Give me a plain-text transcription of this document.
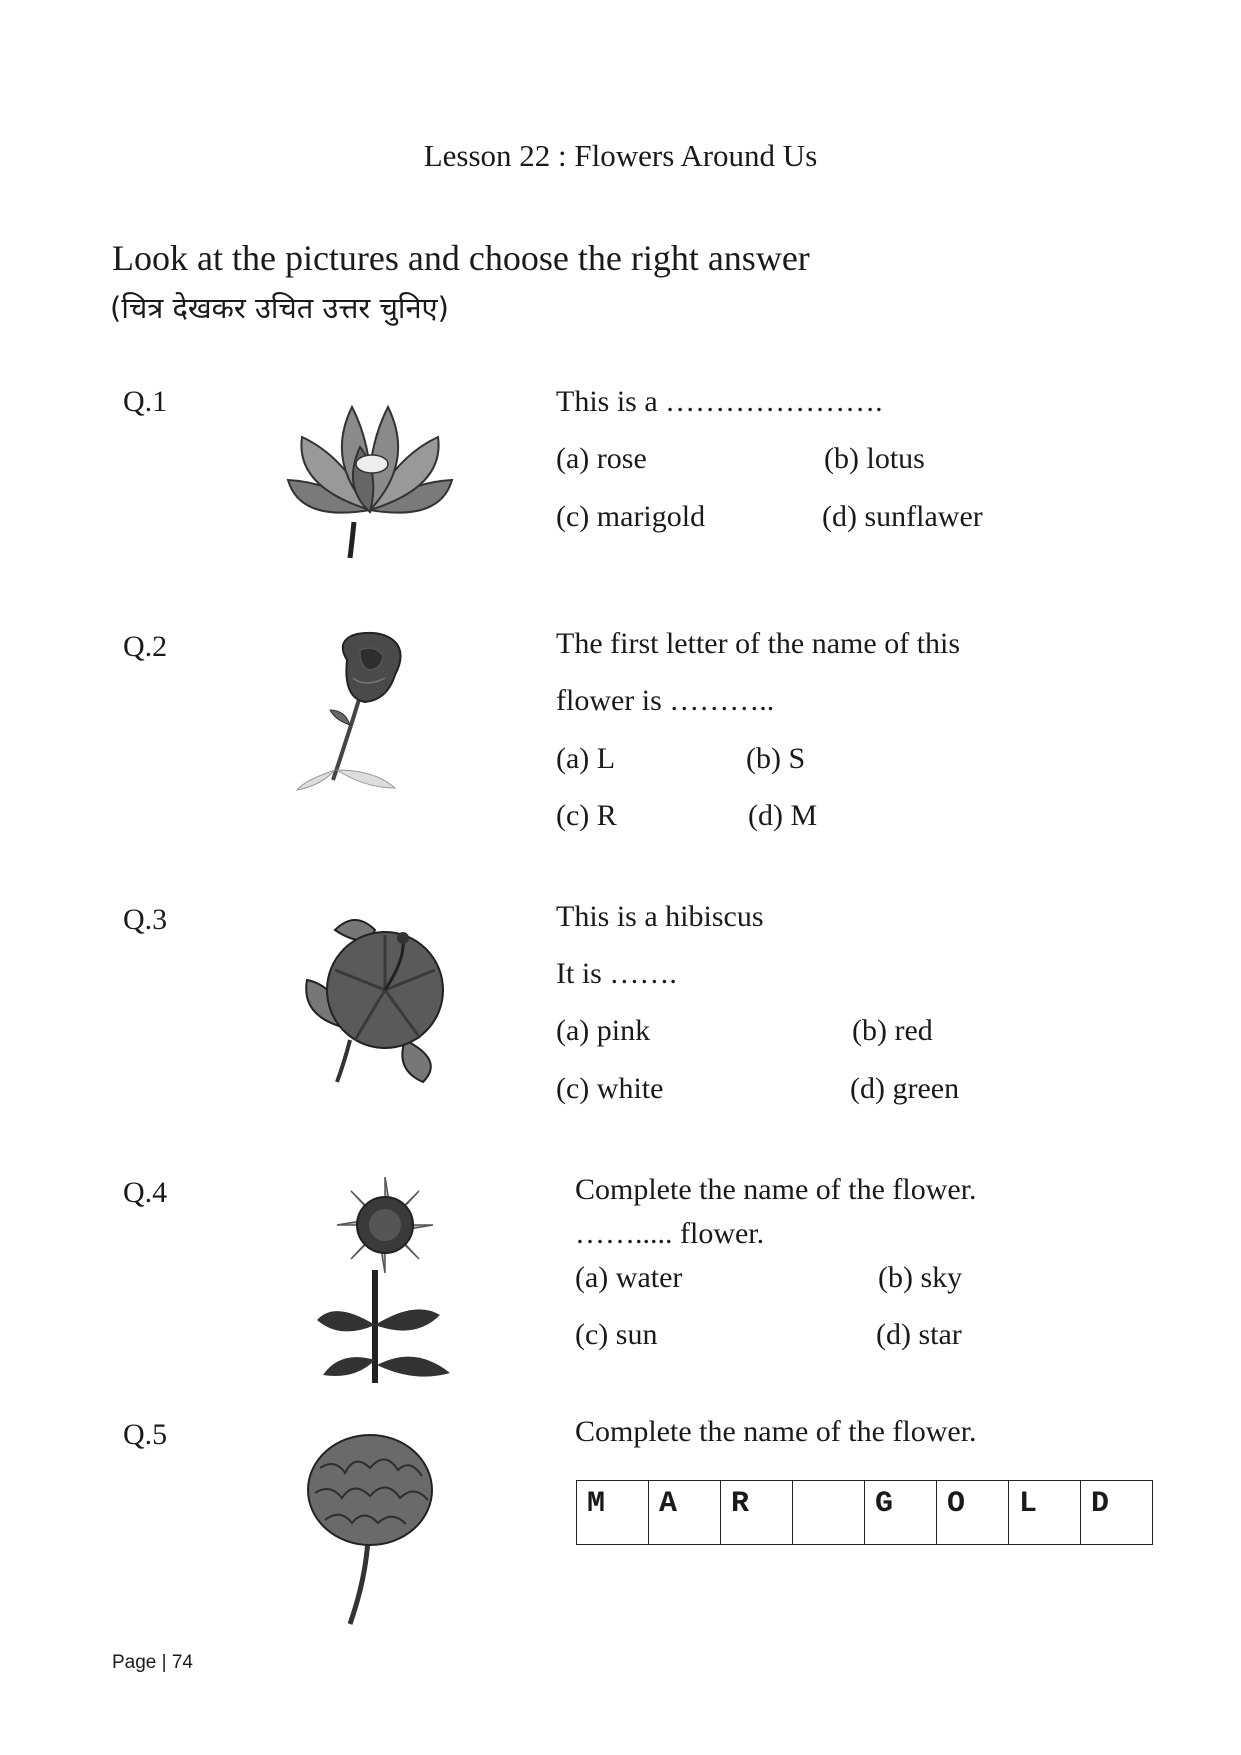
Lesson 22 : Flowers Around Us
Look at the pictures and choose the right answer
(चित्र देखकर उचित उत्तर चुनिए)
Q.1	This is a ………………….
(a) rose	(b) lotus
(c) marigold	(d) sunflawer
Q.2	The first letter of the name of this
flower is ………..
(a) L	(b) S
(c) R	(d) M
Q.3	This is a hibiscus
It is …….
(a) pink	(b) red
(c) white	(d) green
Q.4	Complete the name of the flower.
……..... flower.
(a) water	(b) sky
(c) sun	(d) star
Q.5	Complete the name of the flower.
M	A	R		G	O	L	D
Page | 74
